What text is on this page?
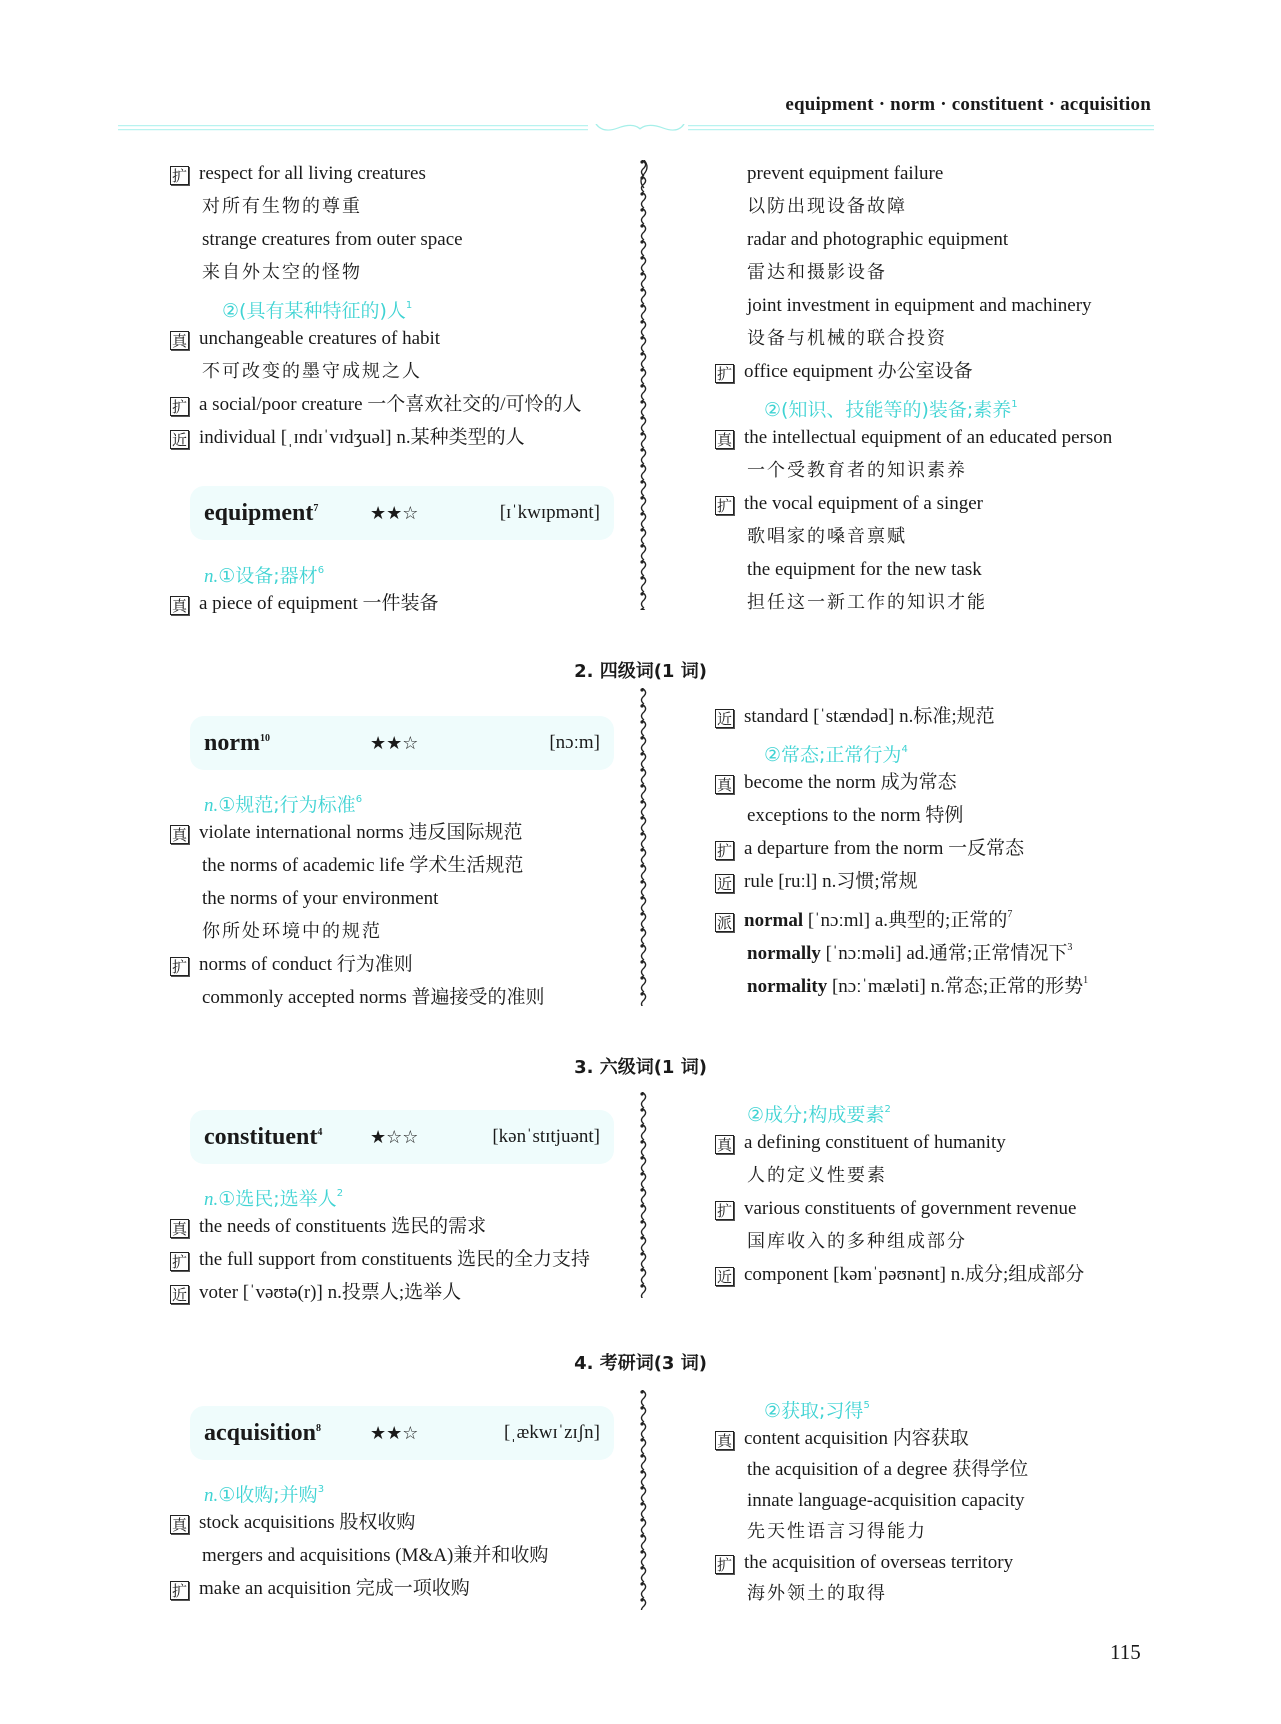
equipment · norm · constituent · acquisition
扩 respect for all living creatures
对所有生物的尊重
strange creatures from outer space
来自外太空的怪物
②(具有某种特征的)人$^1$
真 unchangeable creatures of habit
不可改变的墨守成规之人
扩 a social/poor creature 一个喜欢社交的/可怜的人
近 individual [ˌɪndɪˈvɪdʒuəl] n.某种类型的人
equipment$^7$	★★☆	[ɪˈkwɪpmənt]
n.①设备;器材$^6$
真 a piece of equipment 一件装备
prevent equipment failure
以防出现设备故障
radar and photographic equipment
雷达和摄影设备
joint investment in equipment and machinery
设备与机械的联合投资
扩 office equipment 办公室设备
②(知识、技能等的)装备;素养$^1$
真 the intellectual equipment of an educated person
一个受教育者的知识素养
扩 the vocal equipment of a singer
歌唱家的嗓音禀赋
the equipment for the new task
担任这一新工作的知识才能
2. 四级词(1 词)
norm$^{10}$	★★☆	[nɔːm]
n.①规范;行为标准$^6$
真 violate international norms 违反国际规范
the norms of academic life 学术生活规范
the norms of your environment
你所处环境中的规范
扩 norms of conduct 行为准则
commonly accepted norms 普遍接受的准则
近 standard [ˈstændəd] n.标准;规范
②常态;正常行为$^4$
真 become the norm 成为常态
exceptions to the norm 特例
扩 a departure from the norm 一反常态
近 rule [ruːl] n.习惯;常规
派 normal [ˈnɔːml] a.典型的;正常的$^7$
normally [ˈnɔːməli] ad.通常;正常情况下$^3$
normality [nɔːˈmæləti] n.常态;正常的形势$^1$
3. 六级词(1 词)
constituent$^4$	★☆☆	[kənˈstɪtjuənt]
n.①选民;选举人$^2$
真 the needs of constituents 选民的需求
扩 the full support from constituents 选民的全力支持
近 voter [ˈvəʊtə(r)] n.投票人;选举人
②成分;构成要素$^2$
真 a defining constituent of humanity
人的定义性要素
扩 various constituents of government revenue
国库收入的多种组成部分
近 component [kəmˈpəʊnənt] n.成分;组成部分
4. 考研词(3 词)
acquisition$^8$	★★☆	[ˌækwɪˈzɪʃn]
n.①收购;并购$^3$
真 stock acquisitions 股权收购
mergers and acquisitions (M&A)兼并和收购
扩 make an acquisition 完成一项收购
②获取;习得$^5$
真 content acquisition 内容获取
the acquisition of a degree 获得学位
innate language-acquisition capacity
先天性语言习得能力
扩 the acquisition of overseas territory
海外领土的取得
115
